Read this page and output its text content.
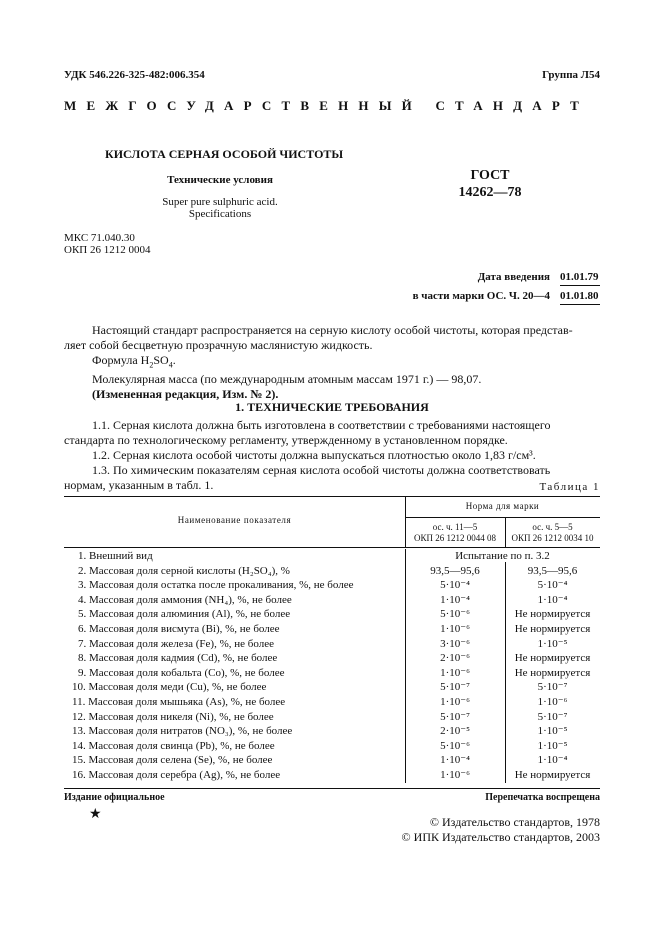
УДК 546.226-325-482:006.354	Группа Л54
МЕЖГОСУДАРСТВЕННЫЙ СТАНДАРТ
КИСЛОТА СЕРНАЯ ОСОБОЙ ЧИСТОТЫ
Технические условия
Super pure sulphuric acid.
Specifications
ГОСТ
14262—78
МКС 71.040.30
ОКП 26 1212 0004
Дата введения 01.01.79
в части марки ОС. Ч. 20—4 01.01.80
Настоящий стандарт распространяется на серную кислоту особой чистоты, которая представ-
ляет собой бесцветную прозрачную маслянистую жидкость.
Формула $H_2SO_4$.
Молекулярная масса (по международным атомным массам 1971 г.) — 98,07.
(Измененная редакция, Изм. № 2).
1. ТЕХНИЧЕСКИЕ ТРЕБОВАНИЯ
1.1. Серная кислота должна быть изготовлена в соответствии с требованиями настоящего
стандарта по технологическому регламенту, утвержденному в установленном порядке.
1.2. Серная кислота особой чистоты должна выпускаться плотностью около 1,83 г/см³.
1.3. По химическим показателям серная кислота особой чистоты должна соответствовать
нормам, указанным в табл. 1.	Таблица 1
Наименование показателя
Норма для марки
ос. ч. 11—5
ОКП 26 1212 0044 08
ос. ч. 5—5
ОКП 26 1212 0034 10
1. Внешний вид	Испытание по п. 3.2	
2. Массовая доля серной кислоты (H₂SO₄), %	93,5—95,6	93,5—95,6
3. Массовая доля остатка после прокаливания, %, не более	5·10⁻⁴	5·10⁻⁴
4. Массовая доля аммония (NH₄), %, не более	1·10⁻⁴	1·10⁻⁴
5. Массовая доля алюминия (Al), %, не более	5·10⁻⁶	Не нормируется
6. Массовая доля висмута (Bi), %, не более	1·10⁻⁶	Не нормируется
7. Массовая доля железа (Fe), %, не более	3·10⁻⁶	1·10⁻⁵
8. Массовая доля кадмия (Cd), %, не более	2·10⁻⁶	Не нормируется
9. Массовая доля кобальта (Co), %, не более	1·10⁻⁶	Не нормируется
10. Массовая доля меди (Cu), %, не более	5·10⁻⁷	5·10⁻⁷
11. Массовая доля мышьяка (As), %, не более	1·10⁻⁶	1·10⁻⁶
12. Массовая доля никеля (Ni), %, не более	5·10⁻⁷	5·10⁻⁷
13. Массовая доля нитратов (NO₃), %, не более	2·10⁻⁵	1·10⁻⁵
14. Массовая доля свинца (Pb), %, не более	5·10⁻⁶	1·10⁻⁵
15. Массовая доля селена (Se), %, не более	1·10⁻⁴	1·10⁻⁴
16. Массовая доля серебра (Ag), %, не более	1·10⁻⁶	Не нормируется
Издание официальное	Перепечатка воспрещена
★	© Издательство стандартов, 1978
© ИПК Издательство стандартов, 2003
